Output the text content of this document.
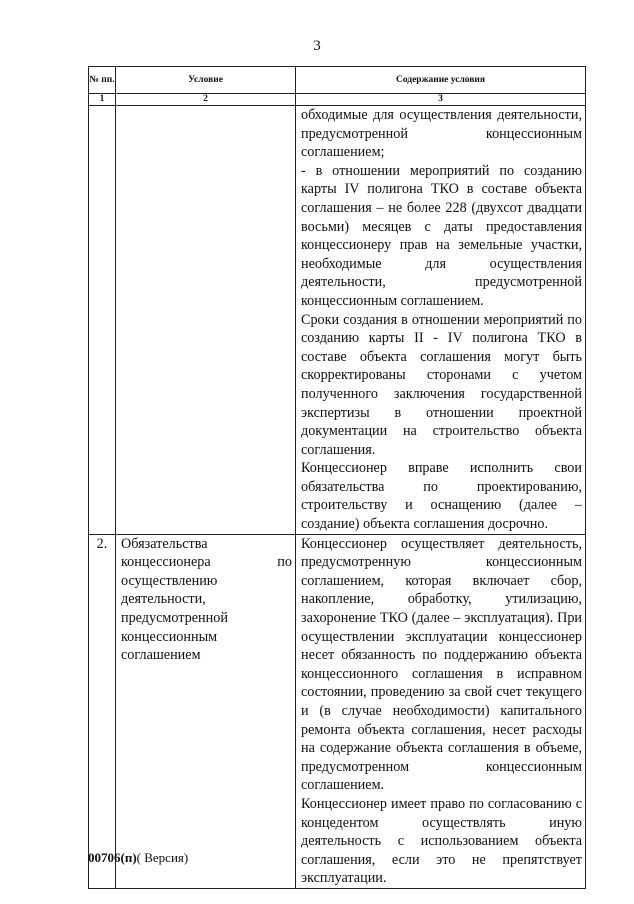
3
№ пп.	Условие	Содержание условия
1	2	3

		обходимые для осуществления деятельности, предусмотренной концессионным соглашением;

- в отношении мероприятий по созданию карты IV полигона ТКО в составе объекта соглашения – не более 228 (двухсот двадцати восьми) месяцев с даты предоставления концессионеру прав на земельные участки, необходимые для осуществления деятельности, предусмотренной концессионным соглашением.

Сроки создания в отношении мероприятий по созданию карты II - IV полигона ТКО в составе объекта соглашения могут быть скорректированы сторонами с учетом полученного заключения государственной экспертизы в отношении проектной документации на строительство объекта соглашения.

Концессионер вправе исполнить свои обязательства по проектированию, строительству и оснащению (далее – создание) объекта соглашения досрочно.

2.	Обязательства концессионера по осуществлению деятельности, предусмотренной концессионным соглашением	Концессионер осуществляет деятельность, предусмотренную концессионным соглашением, которая включает сбор, накопление, обработку, утилизацию, захоронение ТКО (далее – эксплуатация). При осуществлении эксплуатации концессионер несет обязанность по поддержанию объекта концессионного соглашения в исправном состоянии, проведению за свой счет текущего и (в случае необходимости) капитального ремонта объекта соглашения, несет расходы на содержание объекта соглашения в объеме, предусмотренном концессионным соглашением.

Концессионер имеет право по согласованию с концедентом осуществлять иную деятельность с использованием объекта соглашения, если это не препятствует эксплуатации.

00706(п)( Версия)
